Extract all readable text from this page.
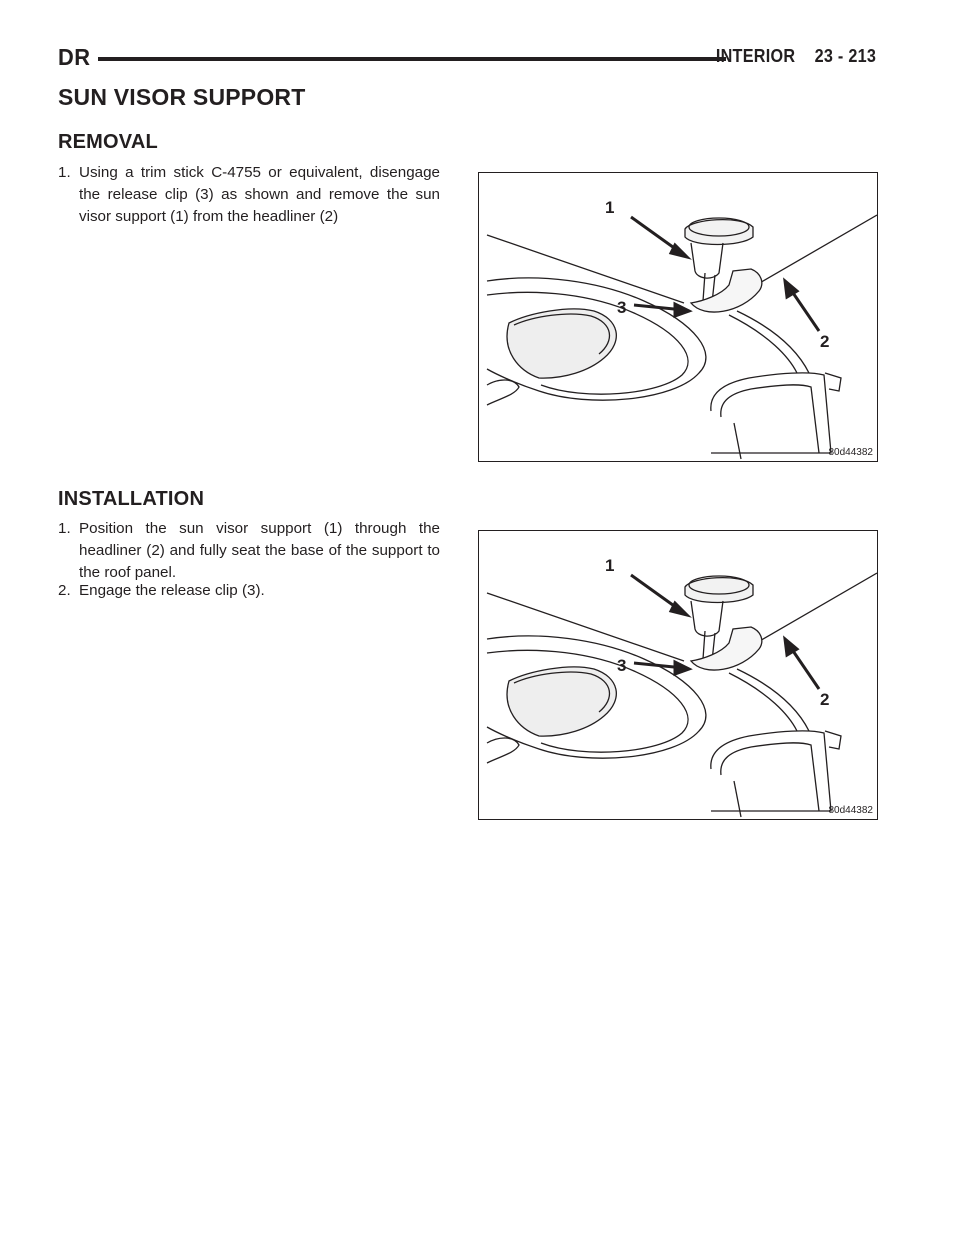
DR	INTERIOR 23 - 213
SUN VISOR SUPPORT
REMOVAL
1. Using a trim stick C-4755 or equivalent, disengage the release clip (3) as shown and remove the sun visor support (1) from the headliner (2)	1
2
3
80d44382
INSTALLATION
1. Position the sun visor support (1) through the headliner (2) and fully seat the base of the support to the roof panel.
2. Engage the release clip (3).
1
2
3
80d44382
